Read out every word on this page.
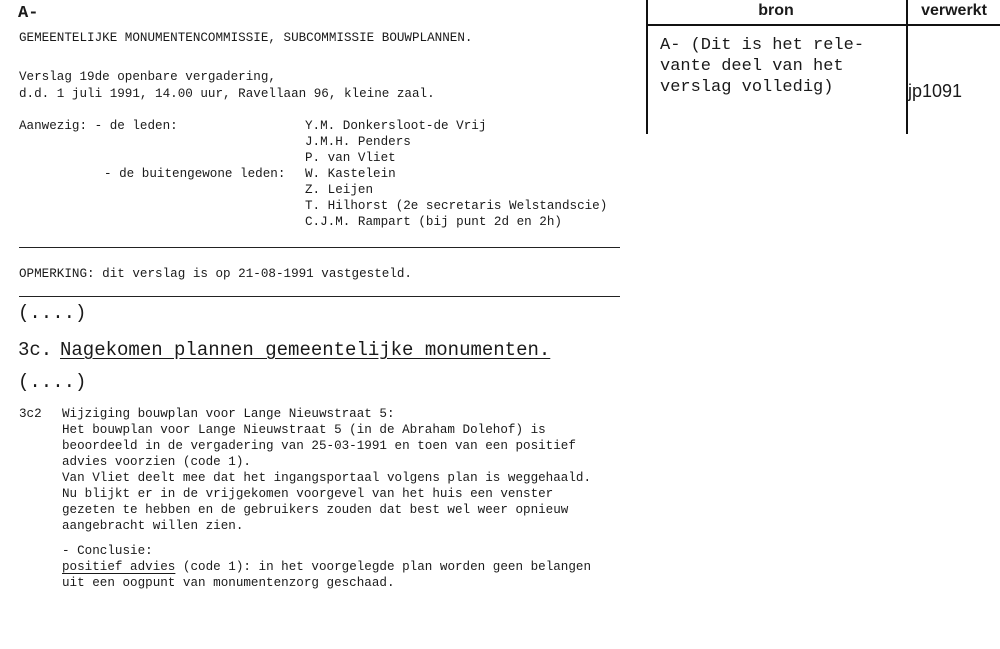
A-
GEMEENTELIJKE MONUMENTENCOMMISSIE, SUBCOMMISSIE BOUWPLANNEN.
Verslag 19de openbare vergadering,
d.d. 1 juli 1991, 14.00 uur, Ravellaan 96, kleine zaal.
Aanwezig: - de leden:
- de buitengewone leden:
Y.M. Donkersloot-de Vrij
J.M.H. Penders
P. van Vliet
W. Kastelein
Z. Leijen
T. Hilhorst (2e secretaris Welstandscie)
C.J.M. Rampart (bij punt 2d en 2h)
OPMERKING: dit verslag is op 21-08-1991 vastgesteld.
(....)
3c. Nagekomen plannen gemeentelijke monumenten.
(....)
3c2 Wijziging bouwplan voor Lange Nieuwstraat 5:
Het bouwplan voor Lange Nieuwstraat 5 (in de Abraham Dolehof) is
beoordeeld in de vergadering van 25-03-1991 en toen van een positief
advies voorzien (code 1).
Van Vliet deelt mee dat het ingangsportaal volgens plan is weggehaald.
Nu blijkt er in de vrijgekomen voorgevel van het huis een venster
gezeten te hebben en de gebruikers zouden dat best wel weer opnieuw
aangebracht willen zien.
- Conclusie:
positief advies (code 1): in het voorgelegde plan worden geen belangen
uit een oogpunt van monumentenzorg geschaad.
bron	verwerkt
A- (Dit is het rele-
vante deel van het
verslag volledig)	jp1091
